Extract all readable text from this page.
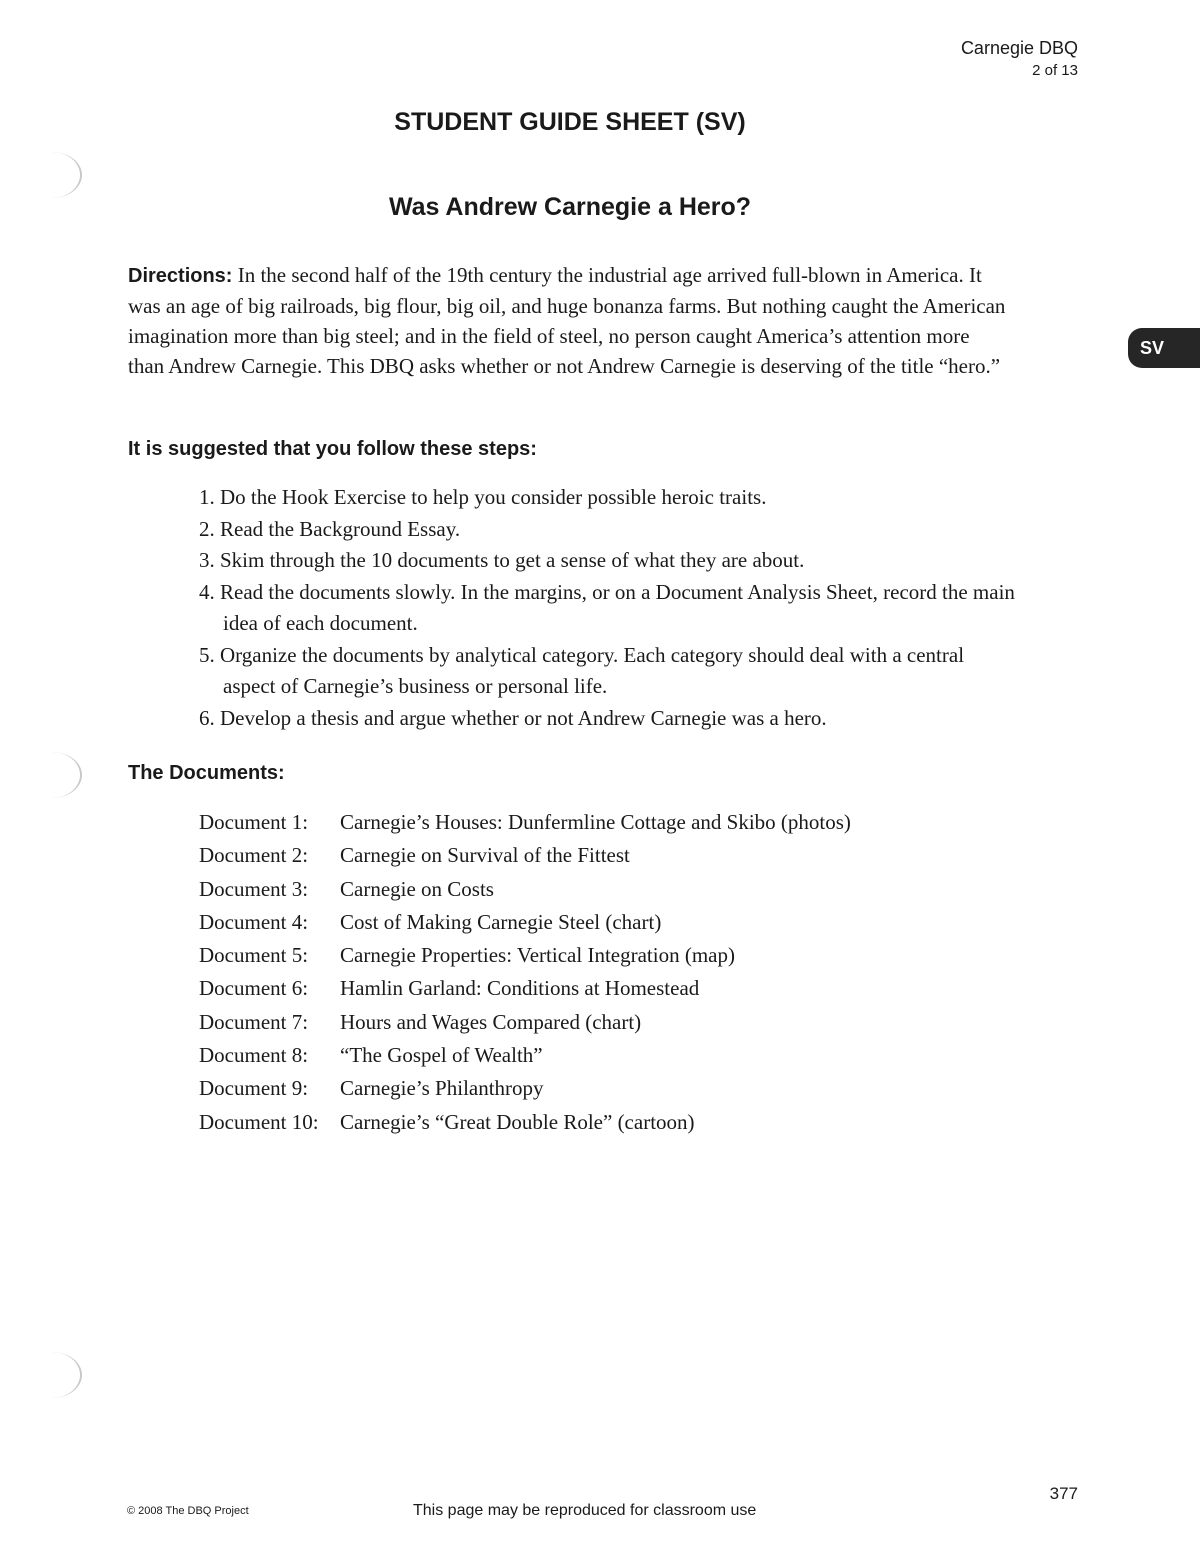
Carnegie DBQ
2 of 13
STUDENT GUIDE SHEET (SV)
Was Andrew Carnegie a Hero?
Directions: In the second half of the 19th century the industrial age arrived full-blown in America. It was an age of big railroads, big flour, big oil, and huge bonanza farms. But nothing caught the American imagination more than big steel; and in the field of steel, no person caught America’s attention more than Andrew Carnegie. This DBQ asks whether or not Andrew Carnegie is deserving of the title “hero.”
It is suggested that you follow these steps:
1. Do the Hook Exercise to help you consider possible heroic traits.
2. Read the Background Essay.
3. Skim through the 10 documents to get a sense of what they are about.
4. Read the documents slowly. In the margins, or on a Document Analysis Sheet, record the main idea of each document.
5. Organize the documents by analytical category. Each category should deal with a central aspect of Carnegie’s business or personal life.
6. Develop a thesis and argue whether or not Andrew Carnegie was a hero.
The Documents:
Document 1:	Carnegie’s Houses: Dunfermline Cottage and Skibo (photos)
Document 2:	Carnegie on Survival of the Fittest
Document 3:	Carnegie on Costs
Document 4:	Cost of Making Carnegie Steel (chart)
Document 5:	Carnegie Properties: Vertical Integration (map)
Document 6:	Hamlin Garland: Conditions at Homestead
Document 7:	Hours and Wages Compared (chart)
Document 8:	“The Gospel of Wealth”
Document 9:	Carnegie’s Philanthropy
Document 10:	Carnegie’s “Great Double Role” (cartoon)
SV
377
© 2008 The DBQ Project	This page may be reproduced for classroom use
